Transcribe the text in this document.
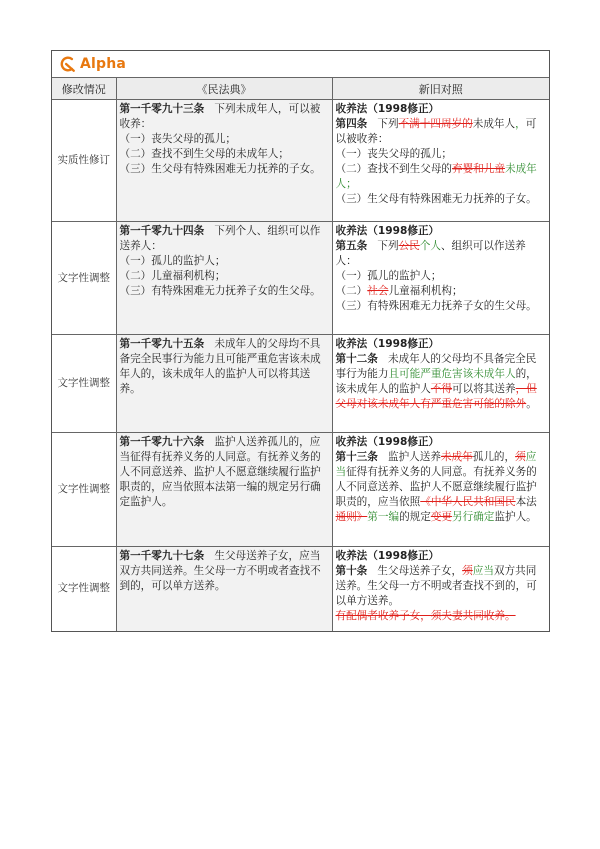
Alpha
修改情况	《民法典》	新旧对照
实质性修订	第一千零九十三条 下列未成年人，可以被收养：
（一）丧失父母的孤儿；
（二）查找不到生父母的未成年人；
（三）生父母有特殊困难无力抚养的子女。	收养法（1998修正）
第四条 下列不满十四周岁的未成年人，可以被收养：
（一）丧失父母的孤儿；
（二）查找不到生父母的弃婴和儿童未成年人；
（三）生父母有特殊困难无力抚养的子女。

文字性调整	第一千零九十四条 下列个人、组织可以作送养人：
（一）孤儿的监护人；
（二）儿童福利机构；
（三）有特殊困难无力抚养子女的生父母。	收养法（1998修正）
第五条 下列公民个人、组织可以作送养人：
（一）孤儿的监护人；
（二）社会儿童福利机构；
（三）有特殊困难无力抚养子女的生父母。

文字性调整	第一千零九十五条 未成年人的父母均不具备完全民事行为能力且可能严重危害该未成年人的，该未成年人的监护人可以将其送养。	收养法（1998修正）
第十二条 未成年人的父母均不具备完全民事行为能力且可能严重危害该未成年人的，该未成年人的监护人不得可以将其送养，但父母对该未成年人有严重危害可能的除外。
文字性调整	第一千零九十六条 监护人送养孤儿的，应当征得有抚养义务的人同意。有抚养义务的人不同意送养、监护人不愿意继续履行监护职责的，应当依照本法第一编的规定另行确定监护人。	收养法（1998修正）
第十三条 监护人送养未成年孤儿的，须应当征得有抚养义务的人同意。有抚养义务的人不同意送养、监护人不愿意继续履行监护职责的，应当依照《中华人民共和国民本法通则》第一编的规定变更另行确定监护人。
文字性调整	第一千零九十七条 生父母送养子女，应当双方共同送养。生父母一方不明或者查找不到的，可以单方送养。	收养法（1998修正）
第十条 生父母送养子女，须应当双方共同送养。生父母一方不明或者查找不到的，可以单方送养。
有配偶者收养子女，须夫妻共同收养。
